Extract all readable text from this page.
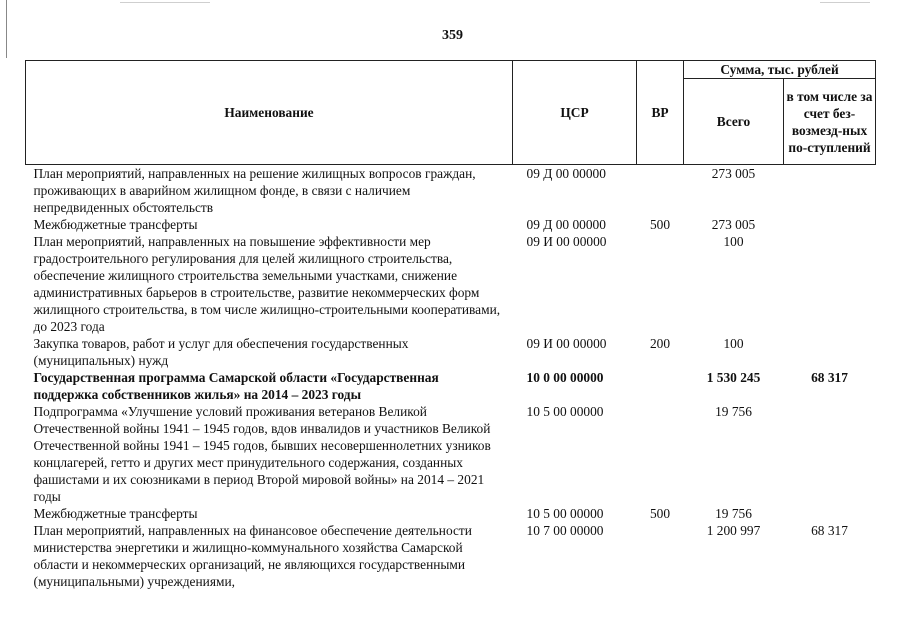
359
Наименование	ЦСР	ВР	Сумма, тыс. рублей	
			Всего	в том числе за счет без-возмезд-ных по-ступлений
План мероприятий, направленных на решение жилищных вопросов граждан, проживающих в аварийном жилищном фонде, в связи с наличием непредвиденных обстоятельств	09 Д 00 00000		273 005	
Межбюджетные трансферты	09 Д 00 00000	500	273 005	
План мероприятий, направленных на повышение эффективности мер градостроительного регулирования для целей жилищного строительства, обеспечение жилищного строительства земельными участками, снижение административных барьеров в строительстве, развитие некоммерческих форм жилищного строительства, в том числе жилищно-строительными кооперативами, до 2023 года	09 И 00 00000		100	
Закупка товаров, работ и услуг для обеспечения государственных (муниципальных) нужд	09 И 00 00000	200	100	
Государственная программа Самарской области «Государственная поддержка собственников жилья» на 2014 – 2023 годы	10 0 00 00000		1 530 245	68 317
Подпрограмма «Улучшение условий проживания ветеранов Великой Отечественной войны 1941 – 1945 годов, вдов инвалидов и участников Великой Отечественной войны 1941 – 1945 годов, бывших несовершеннолетних узников концлагерей, гетто и других мест принудительного содержания, созданных фашистами и их союзниками в период Второй мировой войны» на 2014 – 2021 годы	10 5 00 00000		19 756	
Межбюджетные трансферты	10 5 00 00000	500	19 756	
План мероприятий, направленных на финансовое обеспечение деятельности министерства энергетики и жилищно-коммунального хозяйства Самарской области и некоммерческих организаций, не являющихся государственными (муниципальными) учреждениями,	10 7 00 00000		1 200 997	68 317
